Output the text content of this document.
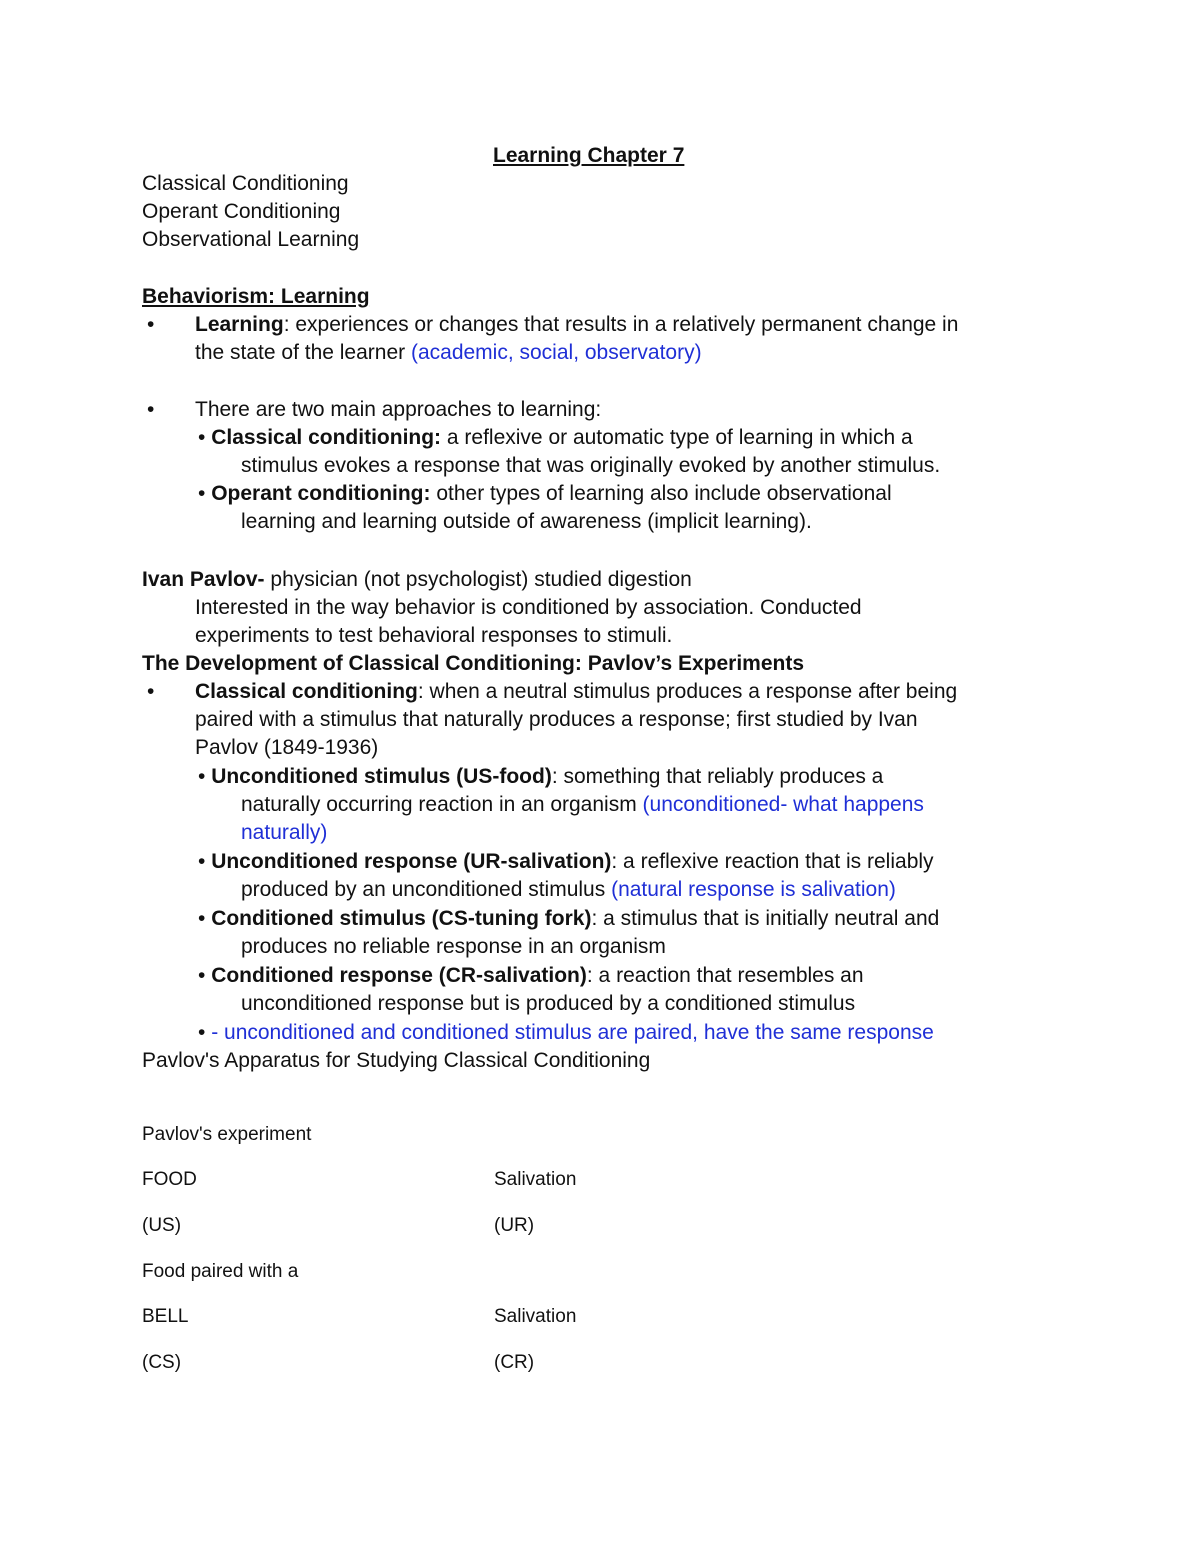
Learning Chapter 7
Classical Conditioning
Operant Conditioning
Observational Learning
Behaviorism: Learning
• Learning: experiences or changes that results in a relatively permanent change in
the state of the learner (academic, social, observatory)
• There are two main approaches to learning:
• Classical conditioning: a reflexive or automatic type of learning in which a
stimulus evokes a response that was originally evoked by another stimulus.
• Operant conditioning: other types of learning also include observational
learning and learning outside of awareness (implicit learning).
Ivan Pavlov- physician (not psychologist) studied digestion
Interested in the way behavior is conditioned by association. Conducted
experiments to test behavioral responses to stimuli.
The Development of Classical Conditioning: Pavlov’s Experiments
• Classical conditioning: when a neutral stimulus produces a response after being
paired with a stimulus that naturally produces a response; first studied by Ivan
Pavlov (1849-1936)
• Unconditioned stimulus (US-food): something that reliably produces a
naturally occurring reaction in an organism (unconditioned- what happens
naturally)
• Unconditioned response (UR-salivation): a reflexive reaction that is reliably
produced by an unconditioned stimulus (natural response is salivation)
• Conditioned stimulus (CS-tuning fork): a stimulus that is initially neutral and
produces no reliable response in an organism
• Conditioned response (CR-salivation): a reaction that resembles an
unconditioned response but is produced by a conditioned stimulus
• - unconditioned and conditioned stimulus are paired, have the same response
Pavlov's Apparatus for Studying Classical Conditioning
Pavlov's experiment
FOOD	Salivation
(US)	(UR)
Food paired with a
BELL	Salivation
(CS)	(CR)
